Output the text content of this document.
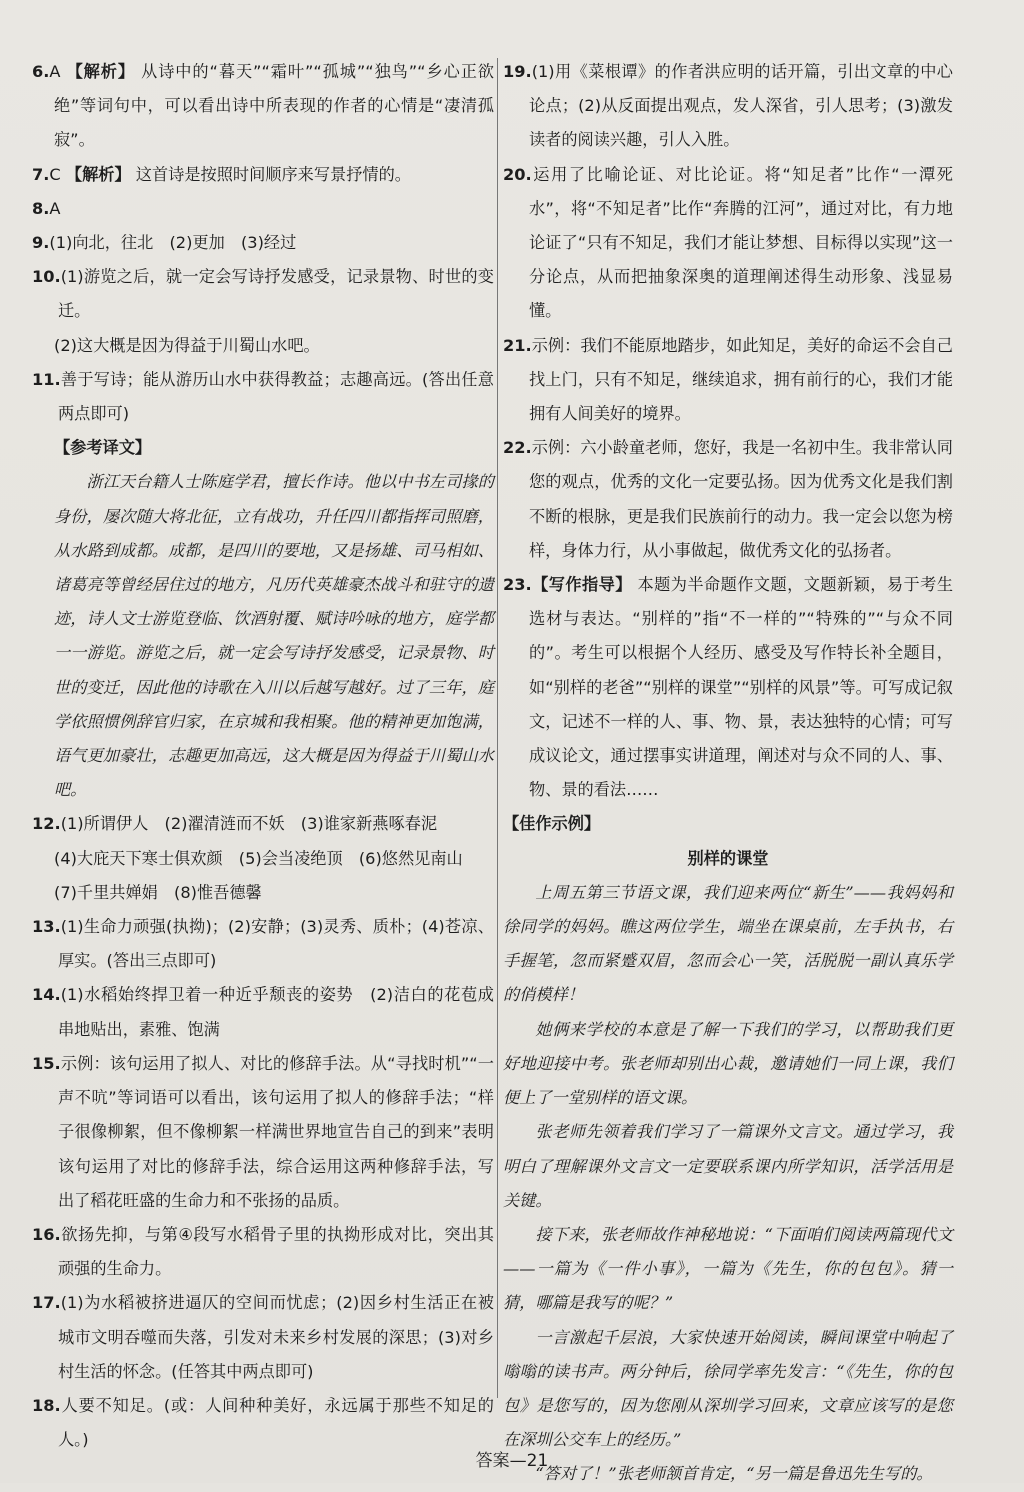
6.A 【解析】 从诗中的“暮天”“霜叶”“孤城”“独鸟”“乡心正欲绝”等词句中，可以看出诗中所表现的作者的心情是“凄清孤寂”。

7.C 【解析】 这首诗是按照时间顺序来写景抒情的。

8.A

9.(1)向北，往北　(2)更加　(3)经过

10.(1)游览之后，就一定会写诗抒发感受，记录景物、时世的变迁。

(2)这大概是因为得益于川蜀山水吧。

11.善于写诗；能从游历山水中获得教益；志趣高远。(答出任意两点即可)

【参考译文】

浙江天台籍人士陈庭学君，擅长作诗。他以中书左司掾的身份，屡次随大将北征，立有战功，升任四川都指挥司照磨，从水路到成都。成都，是四川的要地，又是扬雄、司马相如、诸葛亮等曾经居住过的地方，凡历代英雄豪杰战斗和驻守的遗迹，诗人文士游览登临、饮酒射覆、赋诗吟咏的地方，庭学都一一游览。游览之后，就一定会写诗抒发感受，记录景物、时世的变迁，因此他的诗歌在入川以后越写越好。过了三年，庭学依照惯例辞官归家，在京城和我相聚。他的精神更加饱满，语气更加豪壮，志趣更加高远，这大概是因为得益于川蜀山水吧。

12.(1)所谓伊人　(2)濯清涟而不妖　(3)谁家新燕啄春泥

(4)大庇天下寒士俱欢颜　(5)会当凌绝顶　(6)悠然见南山

(7)千里共婵娟　(8)惟吾德馨

13.(1)生命力顽强(执拗)；(2)安静；(3)灵秀、质朴；(4)苍凉、厚实。(答出三点即可)

14.(1)水稻始终捍卫着一种近乎颓丧的姿势　(2)洁白的花苞成串地贴出，素雅、饱满

15.示例：该句运用了拟人、对比的修辞手法。从“寻找时机”“一声不吭”等词语可以看出，该句运用了拟人的修辞手法；“样子很像柳絮，但不像柳絮一样满世界地宣告自己的到来”表明该句运用了对比的修辞手法，综合运用这两种修辞手法，写出了稻花旺盛的生命力和不张扬的品质。

16.欲扬先抑，与第④段写水稻骨子里的执拗形成对比，突出其顽强的生命力。

17.(1)为水稻被挤进逼仄的空间而忧虑；(2)因乡村生活正在被城市文明吞噬而失落，引发对未来乡村发展的深思；(3)对乡村生活的怀念。(任答其中两点即可)

18.人要不知足。(或：人间种种美好，永远属于那些不知足的人。)

19.(1)用《菜根谭》的作者洪应明的话开篇，引出文章的中心论点；(2)从反面提出观点，发人深省，引人思考；(3)激发读者的阅读兴趣，引人入胜。

20.运用了比喻论证、对比论证。将“知足者”比作“一潭死水”，将“不知足者”比作“奔腾的江河”，通过对比，有力地论证了“只有不知足，我们才能让梦想、目标得以实现”这一分论点，从而把抽象深奥的道理阐述得生动形象、浅显易懂。

21.示例：我们不能原地踏步，如此知足，美好的命运不会自己找上门，只有不知足，继续追求，拥有前行的心，我们才能拥有人间美好的境界。

22.示例：六小龄童老师，您好，我是一名初中生。我非常认同您的观点，优秀的文化一定要弘扬。因为优秀文化是我们割不断的根脉，更是我们民族前行的动力。我一定会以您为榜样，身体力行，从小事做起，做优秀文化的弘扬者。

23.【写作指导】 本题为半命题作文题，文题新颖，易于考生选材与表达。“别样的”指“不一样的”“特殊的”“与众不同的”。考生可以根据个人经历、感受及写作特长补全题目，如“别样的老爸”“别样的课堂”“别样的风景”等。可写成记叙文，记述不一样的人、事、物、景，表达独特的心情；可写成议论文，通过摆事实讲道理，阐述对与众不同的人、事、物、景的看法……

【佳作示例】

别样的课堂

上周五第三节语文课，我们迎来两位“新生”——我妈妈和徐同学的妈妈。瞧这两位学生，端坐在课桌前，左手执书，右手握笔，忽而紧蹙双眉，忽而会心一笑，活脱脱一副认真乐学的俏模样！

她俩来学校的本意是了解一下我们的学习，以帮助我们更好地迎接中考。张老师却别出心裁，邀请她们一同上课，我们便上了一堂别样的语文课。

张老师先领着我们学习了一篇课外文言文。通过学习，我明白了理解课外文言文一定要联系课内所学知识，活学活用是关键。

接下来，张老师故作神秘地说：“下面咱们阅读两篇现代文——一篇为《一件小事》，一篇为《先生，你的包包》。猜一猜，哪篇是我写的呢？”

一言激起千层浪，大家快速开始阅读，瞬间课堂中响起了嗡嗡的读书声。两分钟后，徐同学率先发言：“《先生，你的包包》是您写的，因为您刚从深圳学习回来，文章应该写的是您在深圳公交车上的经历。”

“答对了！”张老师颔首肯定，“另一篇是鲁迅先生写的。

答案—21
